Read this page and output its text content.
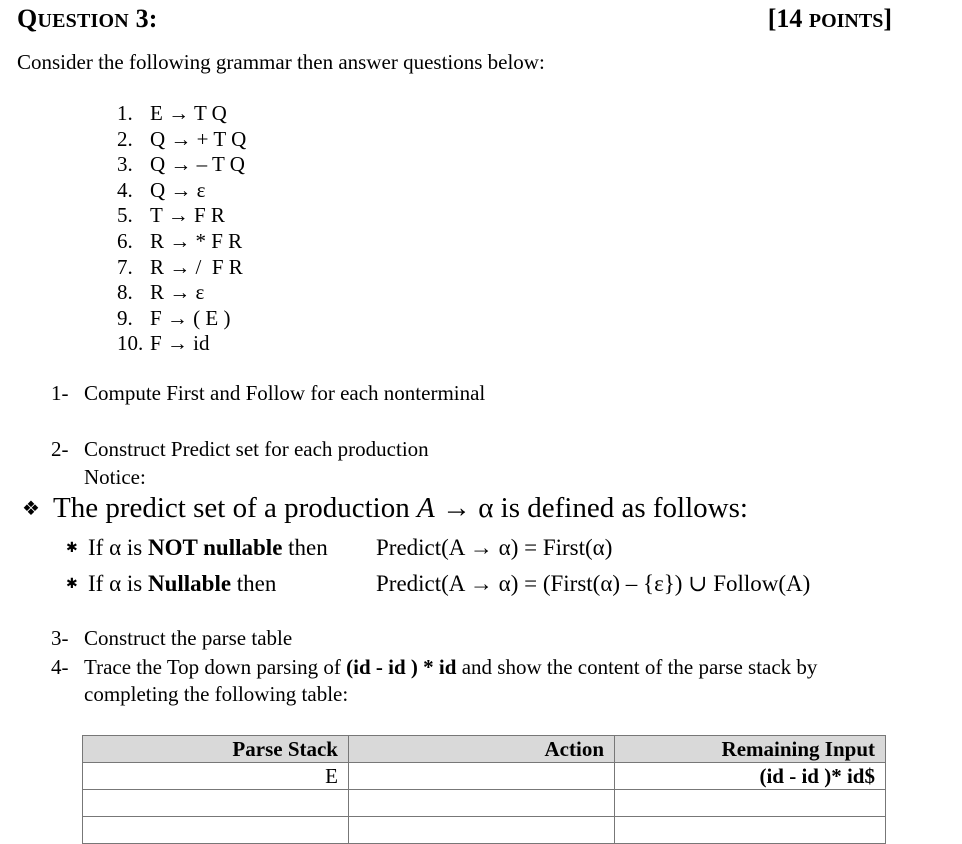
QUESTION 3:	[14 POINTS]
Consider the following grammar then answer questions below:
1. E → T Q
2. Q → + T Q
3. Q → – T Q
4. Q → ε
5. T → F R
6. R → * F R
7. R → /  F R
8. R → ε
9. F → ( E )
10. F → id
1- Compute First and Follow for each nonterminal
2- Construct Predict set for each production
Notice:
❖ The predict set of a production A → α is defined as follows:
✱ If α is NOT nullable then Predict(A → α) = First(α)
✱ If α is Nullable then	Predict(A → α) = (First(α) – {ε}) ∪ Follow(A)
3- Construct the parse table
4- Trace the Top down parsing of (id - id ) * id and show the content of the parse stack by
completing the following table:
Parse Stack	Action	Remaining Input
E		(id - id )* id$
